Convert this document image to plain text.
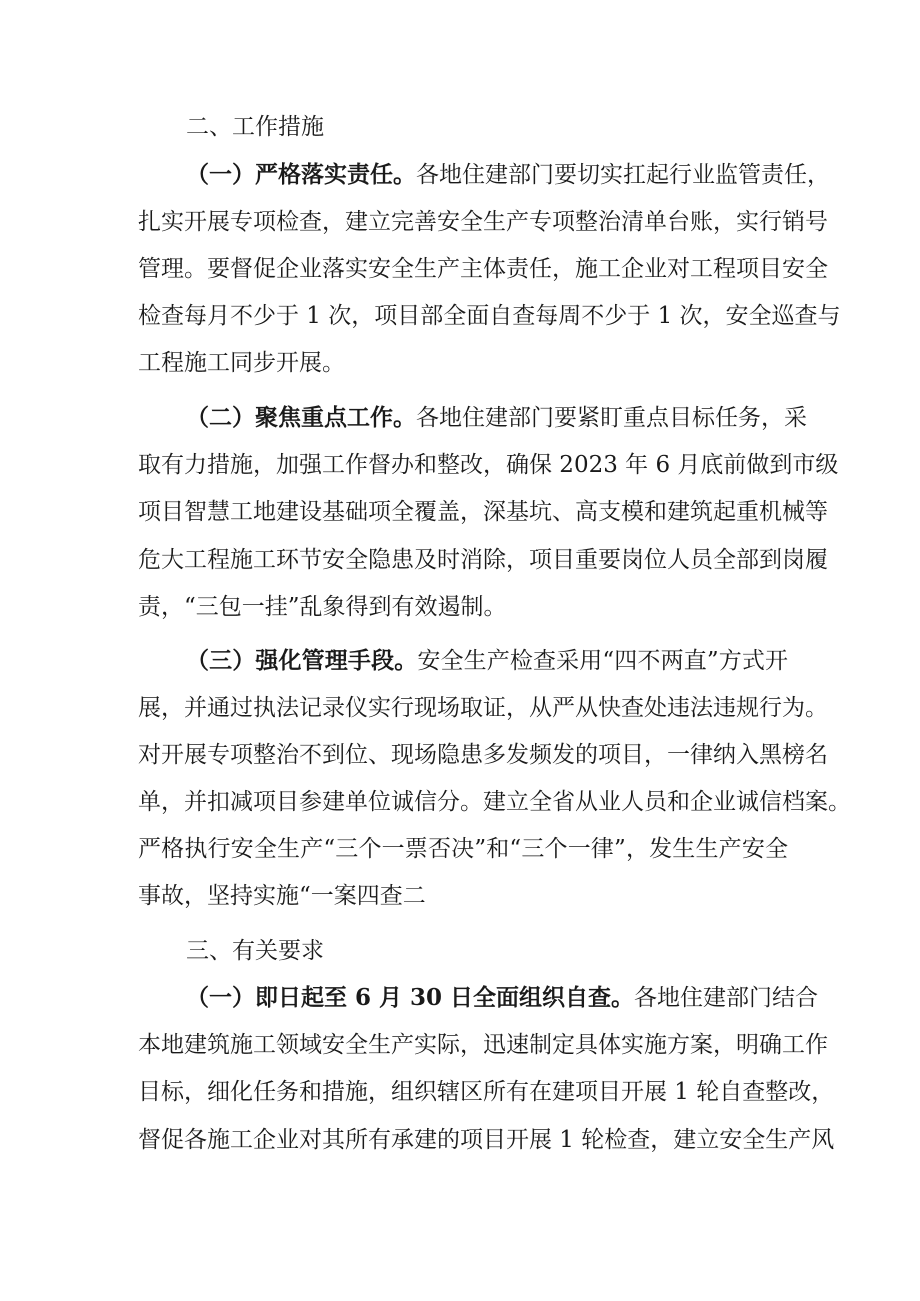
二、工作措施
（一）严格落实责任。各地住建部门要切实扛起行业监管责任，
扎实开展专项检查，建立完善安全生产专项整治清单台账，实行销号
管理。要督促企业落实安全生产主体责任，施工企业对工程项目安全
检查每月不少于 1 次，项目部全面自查每周不少于 1 次，安全巡查与
工程施工同步开展。
（二）聚焦重点工作。各地住建部门要紧盯重点目标任务，采
取有力措施，加强工作督办和整改，确保 2023 年 6 月底前做到市级
项目智慧工地建设基础项全覆盖，深基坑、高支模和建筑起重机械等
危大工程施工环节安全隐患及时消除，项目重要岗位人员全部到岗履
责，“三包一挂”乱象得到有效遏制。
（三）强化管理手段。安全生产检查采用“四不两直”方式开
展，并通过执法记录仪实行现场取证，从严从快查处违法违规行为。
对开展专项整治不到位、现场隐患多发频发的项目，一律纳入黑榜名
单，并扣减项目参建单位诚信分。建立全省从业人员和企业诚信档案。
严格执行安全生产“三个一票否决”和“三个一律”，发生生产安全
事故，坚持实施“一案四查二
三、有关要求
（一）即日起至 6 月 30 日全面组织自查。各地住建部门结合
本地建筑施工领域安全生产实际，迅速制定具体实施方案，明确工作
目标，细化任务和措施，组织辖区所有在建项目开展 1 轮自查整改，
督促各施工企业对其所有承建的项目开展 1 轮检查，建立安全生产风
